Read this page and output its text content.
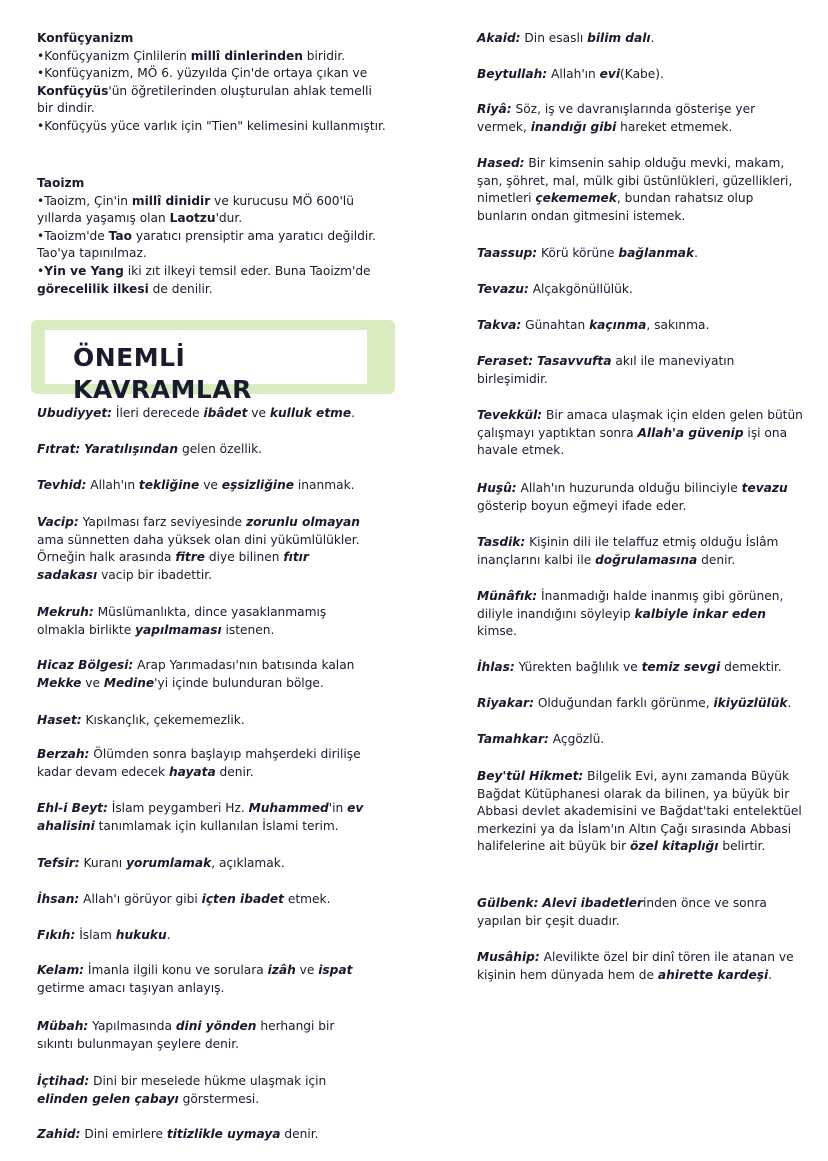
Konfüçyanizm

•Konfüçyanizm Çinlilerin millî dinlerinden biridir.

•Konfüçyanizm, MÖ 6. yüzyılda Çin'de ortaya çıkan ve Konfüçyüs'ün öğretilerinden oluşturulan ahlak temelli bir dindir.

•Konfüçyüs yüce varlık için "Tien" kelimesini kullanmıştır.

Taoizm

•Taoizm, Çin'in millî dinidir ve kurucusu MÖ 600'lü yıllarda yaşamış olan Laotzu'dur.

•Taoizm'de Tao yaratıcı prensiptir ama yaratıcı değildir. Tao'ya tapınılmaz.

•Yin ve Yang iki zıt ilkeyi temsil eder. Buna Taoizm'de görecelilik ilkesi de denilir.

ÖNEMLİ KAVRAMLAR

Ubudiyyet: İleri derecede ibâdet ve kulluk etme.

Fıtrat: Yaratılışından gelen özellik.

Tevhid: Allah'ın tekliğine ve eşsizliğine inanmak.

Vacip: Yapılması farz seviyesinde zorunlu olmayan ama sünnetten daha yüksek olan dini yükümlülükler. Örneğin halk arasında fitre diye bilinen fıtır sadakası vacip bir ibadettir.

Mekruh: Müslümanlıkta, dince yasaklanmamış olmakla birlikte yapılmaması istenen.

Hicaz Bölgesi: Arap Yarımadası'nın batısında kalan Mekke ve Medine'yi içinde bulunduran bölge.

Haset: Kıskançlık, çekememezlik.

Berzah: Ölümden sonra başlayıp mahşerdeki dirilişe kadar devam edecek hayata denir.

Ehl-i Beyt: İslam peygamberi Hz. Muhammed'in ev ahalisini tanımlamak için kullanılan İslami terim.

Tefsir: Kuranı yorumlamak, açıklamak.

İhsan: Allah'ı görüyor gibi içten ibadet etmek.

Fıkıh: İslam hukuku.

Kelam: İmanla ilgili konu ve sorulara izâh ve ispat getirme amacı taşıyan anlayış.

Mübah: Yapılmasında dini yönden herhangi bir sıkıntı bulunmayan şeylere denir.

İçtihad: Dini bir meselede hükme ulaşmak için elinden gelen çabayı görstermesi.

Zahid: Dini emirlere titizlikle uymaya denir.

Akaid: Din esaslı bilim dalı.

Beytullah: Allah'ın evi(Kabe).

Riyâ: Söz, iş ve davranışlarında gösterişe yer vermek, inandığı gibi hareket etmemek.

Hased: Bir kimsenin sahip olduğu mevki, makam, şan, şöhret, mal, mülk gibi üstünlükleri, güzellikleri, nimetleri çekememek, bundan rahatsız olup bunların ondan gitmesini istemek.

Taassup: Körü körüne bağlanmak.

Tevazu: Alçakgönüllülük.

Takva: Günahtan kaçınma, sakınma.

Feraset: Tasavvufta akıl ile maneviyatın birleşimidir.

Tevekkül: Bir amaca ulaşmak için elden gelen bütün çalışmayı yaptıktan sonra Allah'a güvenip işi ona havale etmek.

Huşû: Allah'ın huzurunda olduğu bilinciyle tevazu gösterip boyun eğmeyi ifade eder.

Tasdik: Kişinin dili ile telaffuz etmiş olduğu İslâm inançlarını kalbi ile doğrulamasına denir.

Münâfık: İnanmadığı halde inanmış gibi görünen, diliyle inandığını söyleyip kalbiyle inkar eden kimse.

İhlas: Yürekten bağlılık ve temiz sevgi demektir.

Riyakar: Olduğundan farklı görünme, ikiyüzlülük.

Tamahkar: Açgözlü.

Bey'tül Hikmet: Bilgelik Evi, aynı zamanda Büyük Bağdat Kütüphanesi olarak da bilinen, ya büyük bir Abbasi devlet akademisini ve Bağdat'taki entelektüel merkezini ya da İslam'ın Altın Çağı sırasında Abbasi halifelerine ait büyük bir özel kitaplığı belirtir.

Gülbenk: Alevi ibadetlerinden önce ve sonra yapılan bir çeşit duadır.

Musâhip: Alevilikte özel bir dinî tören ile atanan ve kişinin hem dünyada hem de ahirette kardeşi.
